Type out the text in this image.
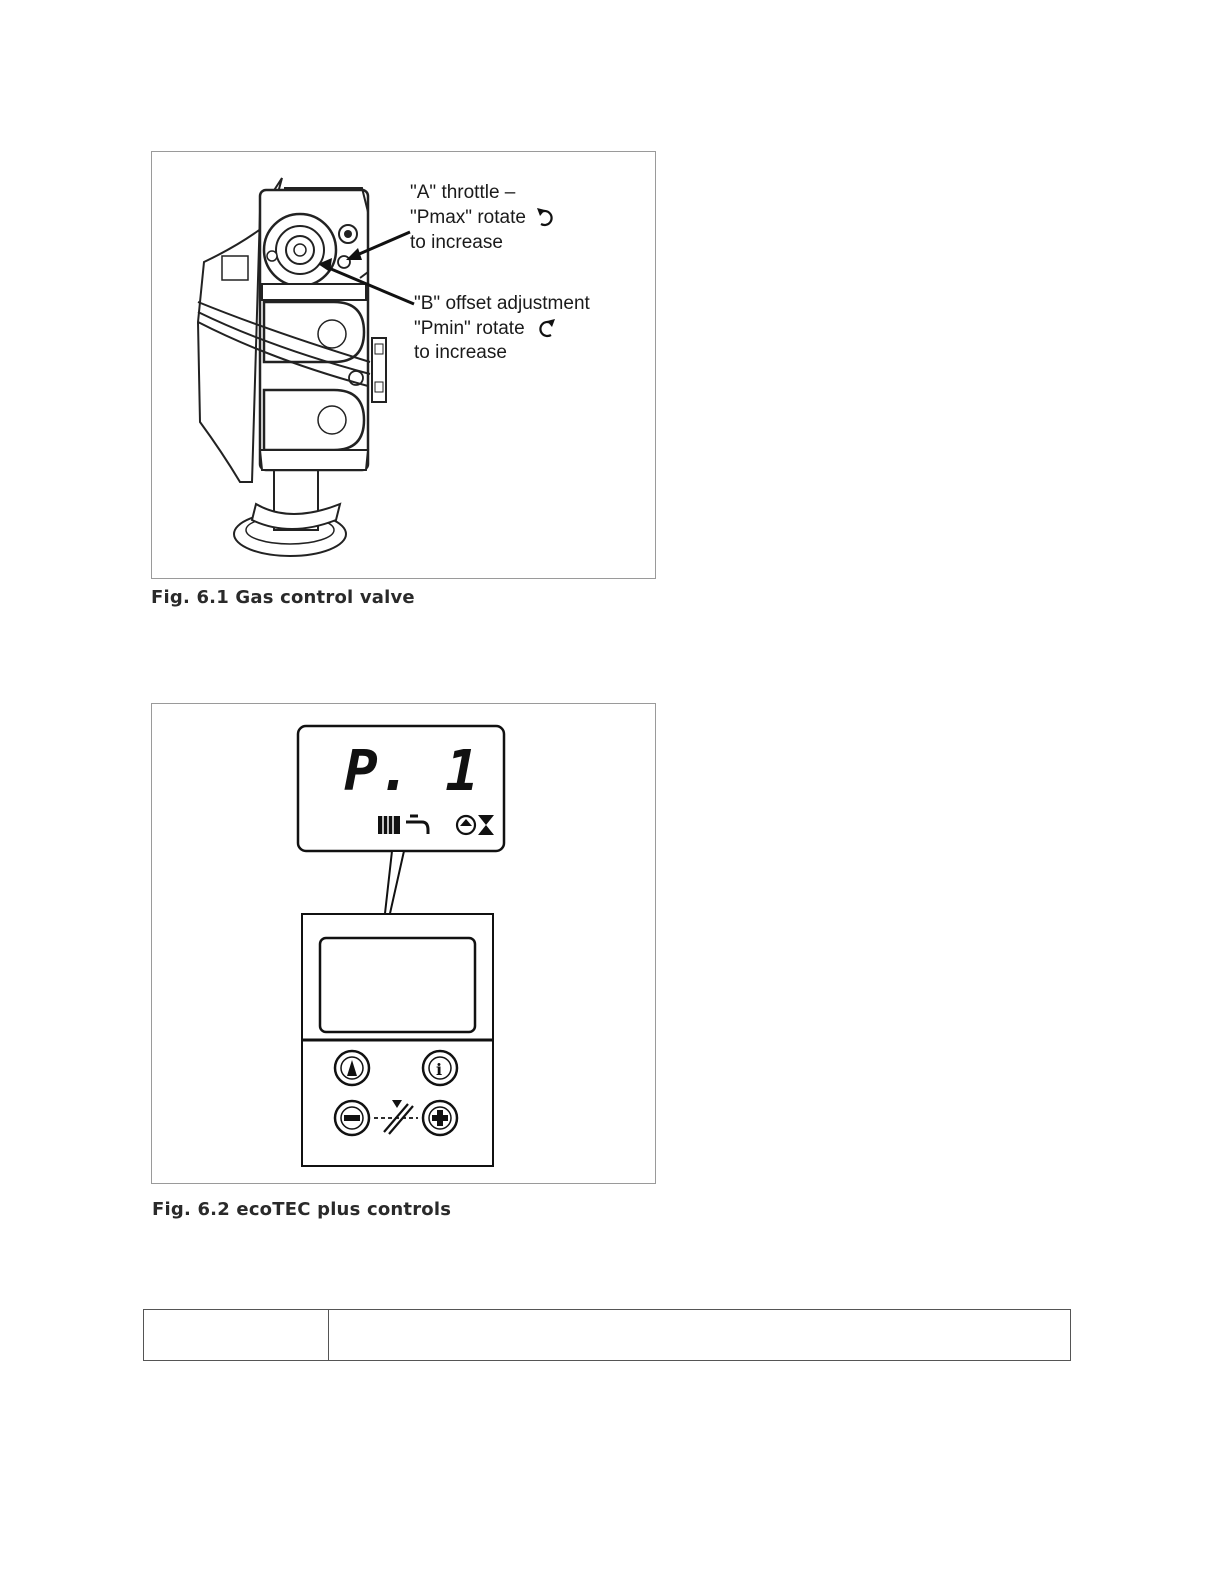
"A" throttle –
"Pmax" rotate
to increase
"B" offset adjustment
"Pmin" rotate
to increase
Fig. 6.1 Gas control valve
P. 1
i
Fig. 6.2 ecoTEC plus controls
